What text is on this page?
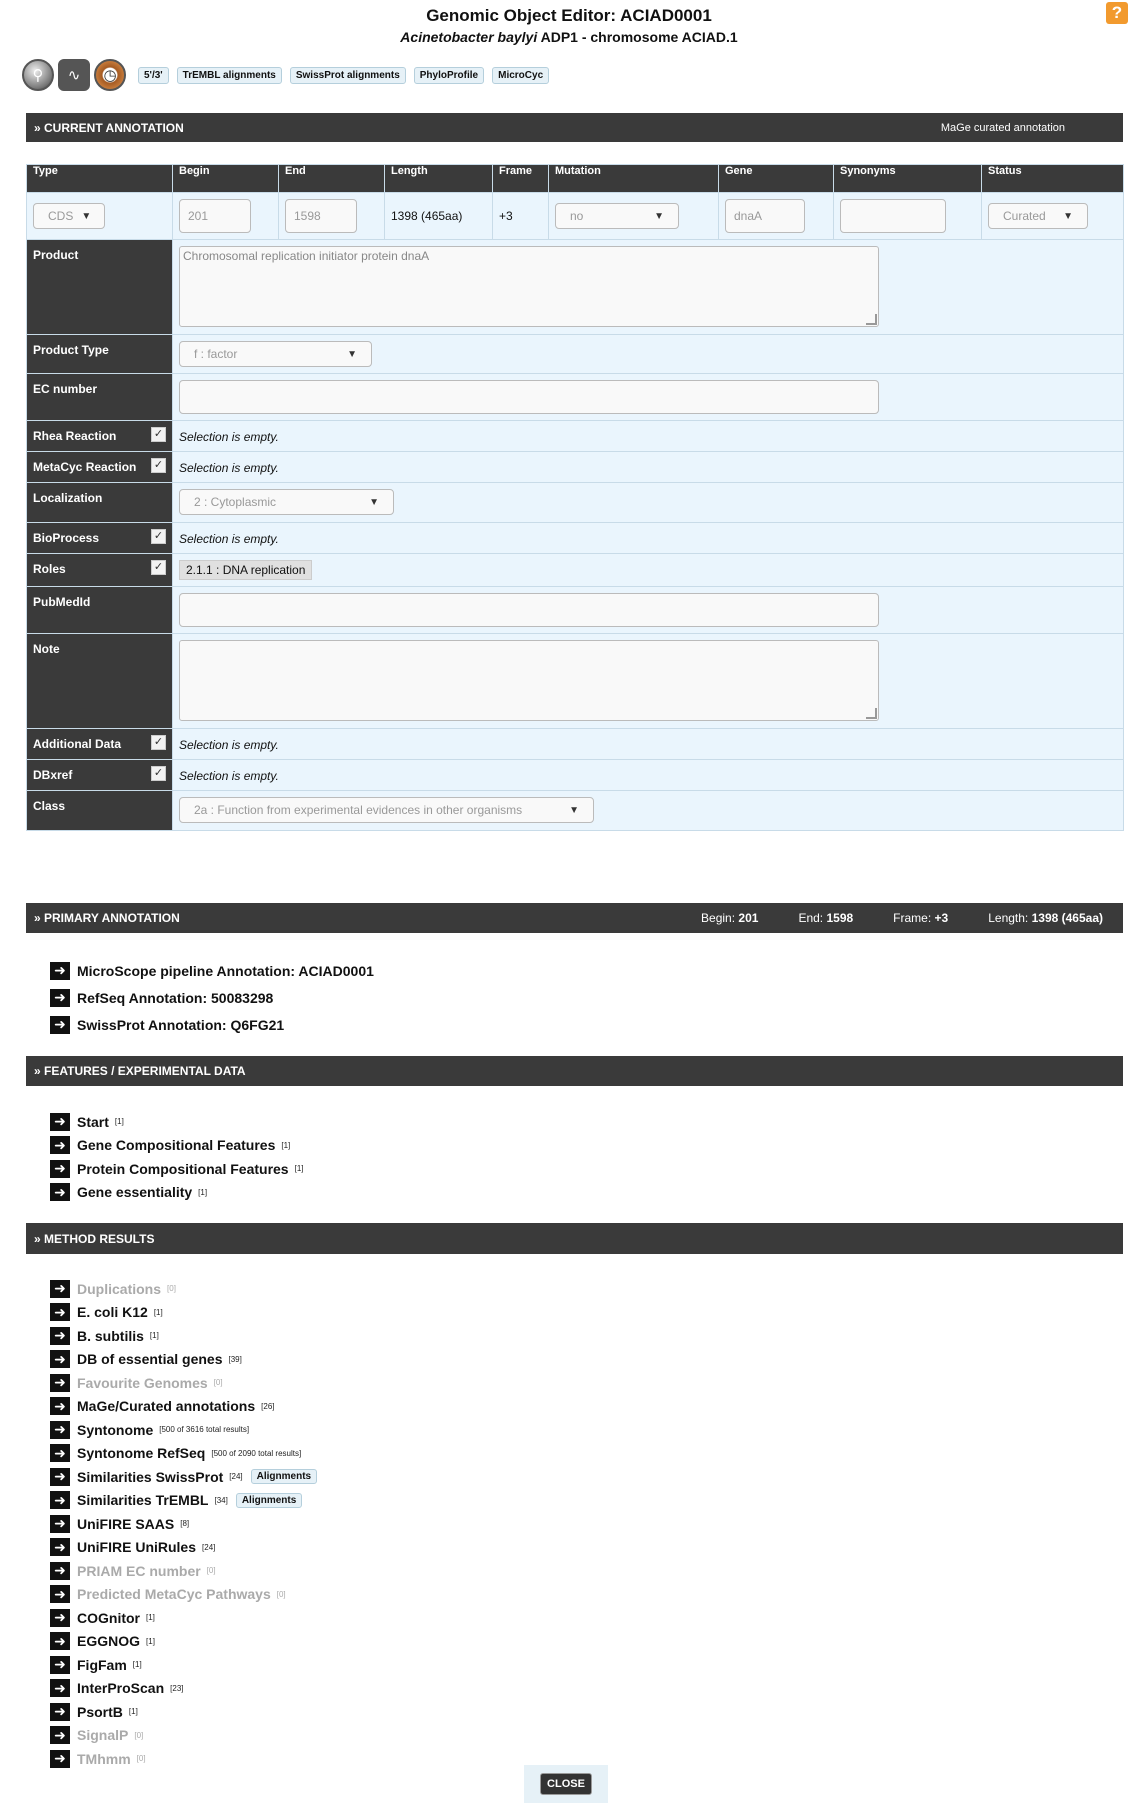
Genomic Object Editor: ACIAD0001
Acinetobacter baylyi ADP1 - chromosome ACIAD.1
?
⚲	∿	◷	5'/3'	TrEMBL alignments	SwissProt alignments	PhyloProfile	MicroCyc
» CURRENT ANNOTATION	MaGe curated annotation
Type	Begin	End	Length	Frame	Mutation	Gene	Synonyms	Status

CDS ▼	201	1598	1398 (465aa)	+3	no ▼	dnaA		Curated ▼

Product	Chromosomal replication initiator protein dnaA							

Product Type	f : factor ▼							

EC number								

Rhea Reaction ✓	Selection is empty.							
MetaCyc Reaction ✓	Selection is empty.							
Localization	2 : Cytoplasmic ▼							

BioProcess ✓	Selection is empty.							
Roles ✓	2.1.1 : DNA replication							
PubMedId								

Note								

Additional Data ✓	Selection is empty.							
DBxref ✓	Selection is empty.							
Class	2a : Function from experimental evidences in other organisms ▼							
» PRIMARY ANNOTATION	Begin: 201	End: 1598	Frame: +3	Length: 1398 (465aa)
➜ MicroScope pipeline Annotation: ACIAD0001
➜ RefSeq Annotation: 50083298
➜ SwissProt Annotation: Q6FG21
» FEATURES / EXPERIMENTAL DATA
➜ Start [1]
➜ Gene Compositional Features [1]
➜ Protein Compositional Features [1]
➜ Gene essentiality [1]
» METHOD RESULTS
➜ Duplications [0]
➜ E. coli K12 [1]
➜ B. subtilis [1]
➜ DB of essential genes [39]
➜ Favourite Genomes [0]
➜ MaGe/Curated annotations [26]
➜ Syntonome [500 of 3616 total results]
➜ Syntonome RefSeq [500 of 2090 total results]
➜ Similarities SwissProt [24]	Alignments
➜ Similarities TrEMBL [34]	Alignments
➜ UniFIRE SAAS [8]
➜ UniFIRE UniRules [24]
➜ PRIAM EC number [0]
➜ Predicted MetaCyc Pathways [0]
➜ COGnitor [1]
➜ EGGNOG [1]
➜ FigFam [1]
➜ InterProScan [23]
➜ PsortB [1]
➜ SignalP [0]
➜ TMhmm [0]
CLOSE
